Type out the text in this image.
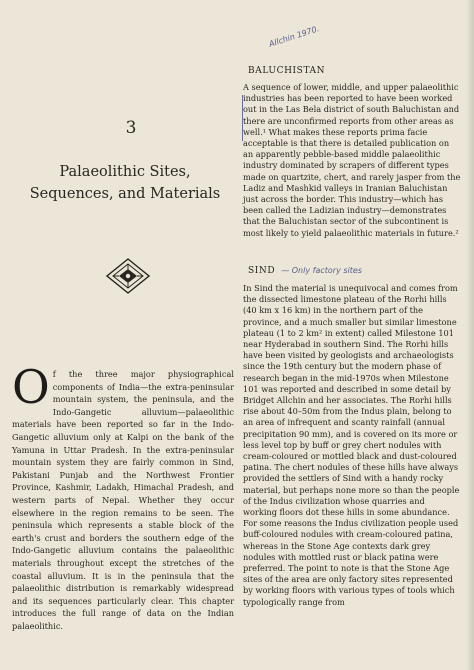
Allchin 1970.
3
Palaeolithic Sites,
Sequences, and Materials
Of the three major physiographical components of India—the extra-peninsular mountain system, the peninsula, and the Indo-Gangetic alluvium—palaeolithic materials have been reported so far in the Indo-Gangetic alluvium only at Kalpi on the bank of the Yamuna in Uttar Pradesh. In the extra-peninsular mountain system they are fairly common in Sind, Pakistani Punjab and the Northwest Frontier Province, Kashmir, Ladakh, Himachal Pradesh, and western parts of Nepal. Whether they occur elsewhere in the region remains to be seen. The peninsula which represents a stable block of the earth's crust and borders the southern edge of the Indo-Gangetic alluvium contains the palaeolithic materials throughout except the stretches of the coastal alluvium. It is in the peninsula that the palaeolithic distribution is remarkably widespread and its sequences particularly clear. This chapter introduces the full range of data on the Indian palaeolithic.
BALUCHISTAN
A sequence of lower, middle, and upper palaeolithic industries has been reported to have been worked out in the Las Bela district of south Baluchistan and there are unconfirmed reports from other areas as well.¹ What makes these reports prima facie acceptable is that there is detailed publication on an apparently pebble-based middle palaeolithic industry dominated by scrapers of different types made on quartzite, chert, and rarely jasper from the Ladiz and Mashkid valleys in Iranian Baluchistan just across the border. This industry—which has been called the Ladizian industry—demonstrates that the Baluchistan sector of the subcontinent is most likely to yield palaeolithic materials in future.²
SIND — Only factory sites
In Sind the material is unequivocal and comes from the dissected limestone plateau of the Rorhi hills (40 km x 16 km) in the northern part of the province, and a much smaller but similar limestone plateau (1 to 2 km² in extent) called Milestone 101 near Hyderabad in southern Sind. The Rorhi hills have been visited by geologists and archaeologists since the 19th century but the modern phase of research began in the mid-1970s when Milestone 101 was reported and described in some detail by Bridget Allchin and her associates. The Rorhi hills rise about 40–50m from the Indus plain, belong to an area of infrequent and scanty rainfall (annual precipitation 90 mm), and is covered on its more or less level top by buff or grey chert nodules with cream-coloured or mottled black and dust-coloured patina. The chert nodules of these hills have always provided the settlers of Sind with a handy rocky material, but perhaps none more so than the people of the Indus civilization whose quarries and working floors dot these hills in some abundance. For some reasons the Indus civilization people used buff-coloured nodules with cream-coloured patina, whereas in the Stone Age contexts dark grey nodules with mottled rust or black patina were preferred. The point to note is that the Stone Age sites of the area are only factory sites represented by working floors with various types of tools which typologically range from
